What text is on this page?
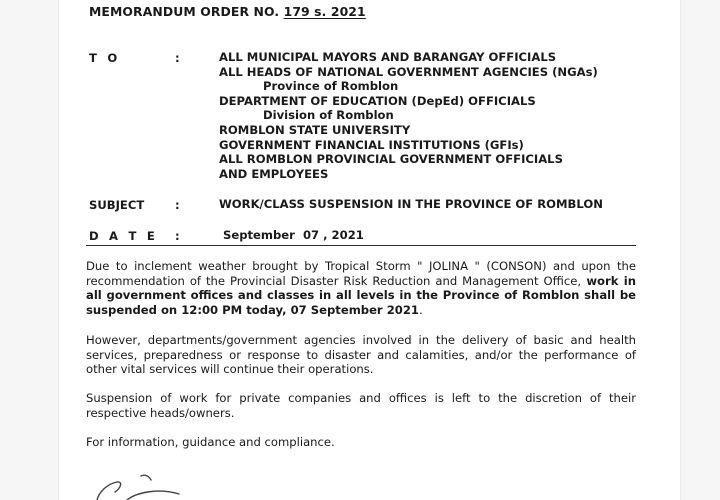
MEMORANDUM ORDER NO. 179 s. 2021
T O	:	ALL MUNICIPAL MAYORS AND BARANGAY OFFICIALS
ALL HEADS OF NATIONAL GOVERNMENT AGENCIES (NGAs)
Province of Romblon
DEPARTMENT OF EDUCATION (DepEd) OFFICIALS
Division of Romblon
ROMBLON STATE UNIVERSITY
GOVERNMENT FINANCIAL INSTITUTIONS (GFIs)
ALL ROMBLON PROVINCIAL GOVERNMENT OFFICIALS
AND EMPLOYEES
SUBJECT	:	WORK/CLASS SUSPENSION IN THE PROVINCE OF ROMBLON
D A T E :	September  07 , 2021
Due to inclement weather brought by Tropical Storm " JOLINA " (CONSON) and upon the recommendation of the Provincial Disaster Risk Reduction and Management Office, work in all government offices and classes in all levels in the Province of Romblon shall be suspended on 12:00 PM today, 07 September 2021.
However, departments/government agencies involved in the delivery of basic and health services, preparedness or response to disaster and calamities, and/or the performance of other vital services will continue their operations.
Suspension of work for private companies and offices is left to the discretion of their respective heads/owners.
For information, guidance and compliance.
